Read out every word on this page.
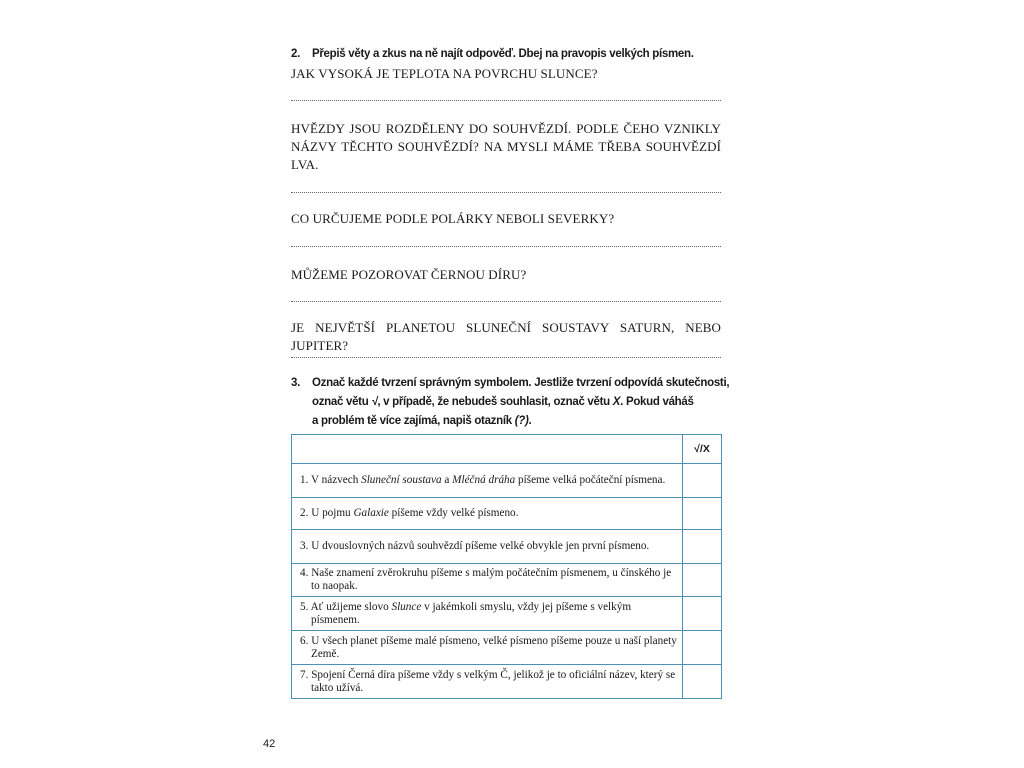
2. Přepiš věty a zkus na ně najít odpověď. Dbej na pravopis velkých písmen.
JAK VYSOKÁ JE TEPLOTA NA POVRCHU SLUNCE?
HVĚZDY JSOU ROZDĚLENY DO SOUHVĚZDÍ. PODLE ČEHO VZNIKLY NÁZVY TĚCHTO SOUHVĚZDÍ? NA MYSLI MÁME TŘEBA SOUHVĚZDÍ LVA.
CO URČUJEME PODLE POLÁRKY NEBOLI SEVERKY?
MŮŽEME POZOROVAT ČERNOU DÍRU?
JE NEJVĚTŠÍ PLANETOU SLUNEČNÍ SOUSTAVY SATURN, NEBO JUPITER?
3. Označ každé tvrzení správným symbolem. Jestliže tvrzení odpovídá skutečnosti,
označ větu √, v případě, že nebudeš souhlasit, označ větu X. Pokud váháš
a problém tě více zajímá, napiš otazník (?).
	√/X

1. V názvech Sluneční soustava a Mléčná dráha píšeme velká počáteční písmena.	

2. U pojmu Galaxie píšeme vždy velké písmeno.	

3. U dvouslovných názvů souhvězdí píšeme velké obvykle jen první písmeno.	

4. Naše znamení zvěrokruhu píšeme s malým počátečním písmenem, u čínského je to naopak.	

5. Ať užijeme slovo Slunce v jakémkoli smyslu, vždy jej píšeme s velkým písmenem.	

6. U všech planet píšeme malé písmeno, velké písmeno píšeme pouze u naší planety Země.	

7. Spojení Černá díra píšeme vždy s velkým Č, jelikož je to oficiální název, který se takto užívá.	

42
